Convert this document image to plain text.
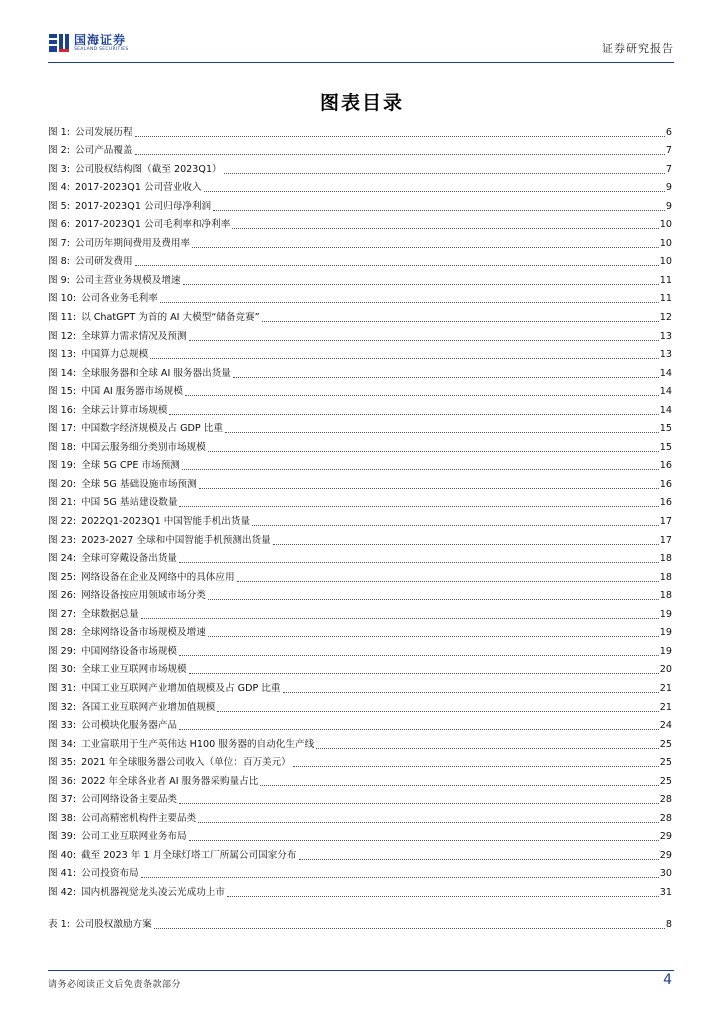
国海证券
SEALAND SECURITIES	证券研究报告
图表目录
图 1: 公司发展历程	6
图 2: 公司产品覆盖	7
图 3: 公司股权结构图（截至 2023Q1）	7
图 4: 2017-2023Q1 公司营业收入	9
图 5: 2017-2023Q1 公司归母净利润	9
图 6: 2017-2023Q1 公司毛利率和净利率	10
图 7: 公司历年期间费用及费用率	10
图 8: 公司研发费用	10
图 9: 公司主营业务规模及增速	11
图 10: 公司各业务毛利率	11
图 11: 以 ChatGPT 为首的 AI 大模型“储备竞赛”	12
图 12: 全球算力需求情况及预测	13
图 13: 中国算力总规模	13
图 14: 全球服务器和全球 AI 服务器出货量	14
图 15: 中国 AI 服务器市场规模	14
图 16: 全球云计算市场规模	14
图 17: 中国数字经济规模及占 GDP 比重	15
图 18: 中国云服务细分类别市场规模	15
图 19: 全球 5G CPE 市场预测	16
图 20: 全球 5G 基础设施市场预测	16
图 21: 中国 5G 基站建设数量	16
图 22: 2022Q1-2023Q1 中国智能手机出货量	17
图 23: 2023-2027 全球和中国智能手机预测出货量	17
图 24: 全球可穿戴设备出货量	18
图 25: 网络设备在企业及网络中的具体应用	18
图 26: 网络设备按应用领域市场分类	18
图 27: 全球数据总量	19
图 28: 全球网络设备市场规模及增速	19
图 29: 中国网络设备市场规模	19
图 30: 全球工业互联网市场规模	20
图 31: 中国工业互联网产业增加值规模及占 GDP 比重	21
图 32: 各国工业互联网产业增加值规模	21
图 33: 公司模块化服务器产品	24
图 34: 工业富联用于生产英伟达 H100 服务器的自动化生产线	25
图 35: 2021 年全球服务器公司收入（单位：百万美元）	25
图 36: 2022 年全球各业者 AI 服务器采购量占比	25
图 37: 公司网络设备主要品类	28
图 38: 公司高精密机构件主要品类	28
图 39: 公司工业互联网业务布局	29
图 40: 截至 2023 年 1 月全球灯塔工厂所属公司国家分布	29
图 41: 公司投资布局	30
图 42: 国内机器视觉龙头凌云光成功上市	31
表 1: 公司股权激励方案	8
请务必阅读正文后免责条款部分	4
